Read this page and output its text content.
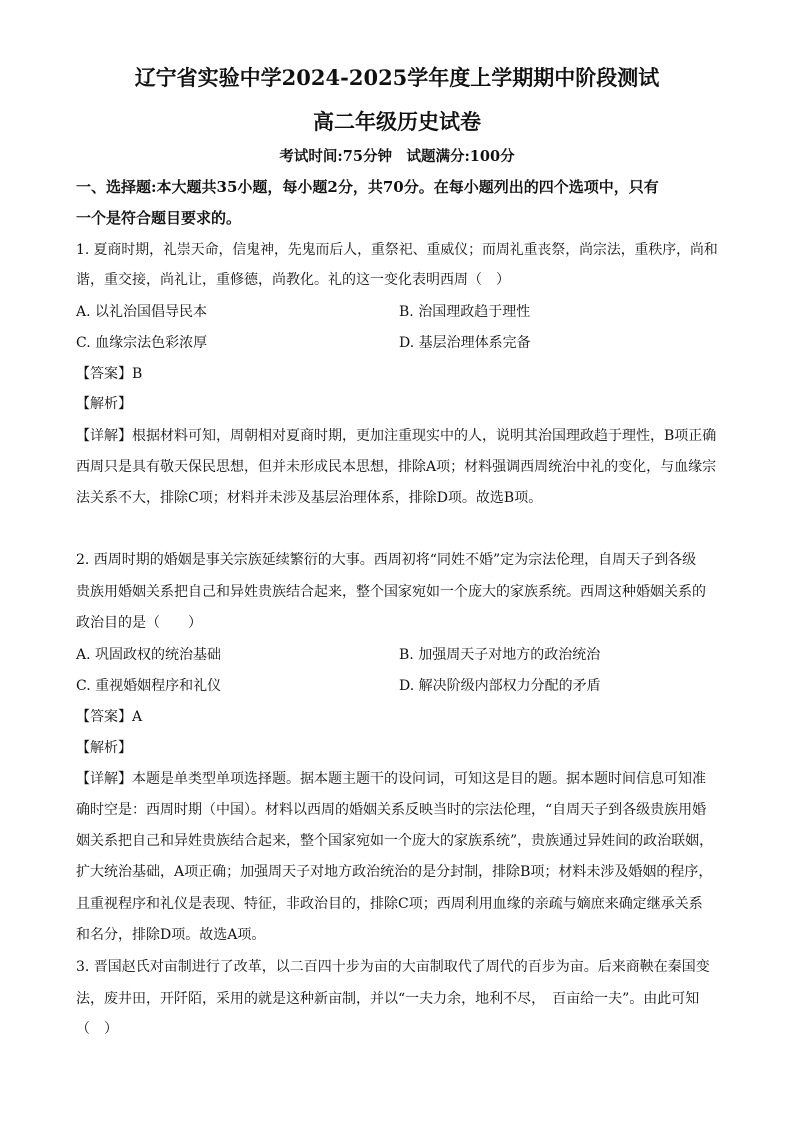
辽宁省实验中学2024-2025学年度上学期期中阶段测试
高二年级历史试卷
考试时间:75分钟　试题满分:100分
一、选择题:本大题共35小题，每小题2分，共70分。在每小题列出的四个选项中，只有
一个是符合题目要求的。
1. 夏商时期，礼崇天命，信鬼神，先鬼而后人，重祭祀、重威仪；而周礼重丧祭，尚宗法，重秩序，尚和
谐，重交接，尚礼让，重修德，尚教化。礼的这一变化表明西周（　）
A. 以礼治国倡导民本	B. 治国理政趋于理性
C. 血缘宗法色彩浓厚	D. 基层治理体系完备
【答案】B
【解析】
【详解】根据材料可知，周朝相对夏商时期，更加注重现实中的人，说明其治国理政趋于理性，B项正确
西周只是具有敬天保民思想，但并未形成民本思想，排除A项；材料强调西周统治中礼的变化，与血缘宗
法关系不大，排除C项；材料并未涉及基层治理体系，排除D项。故选B项。
2. 西周时期的婚姻是事关宗族延续繁衍的大事。西周初将“同姓不婚”定为宗法伦理，自周天子到各级
贵族用婚姻关系把自己和异姓贵族结合起来，整个国家宛如一个庞大的家族系统。西周这种婚姻关系的
政治目的是（　　）
A. 巩固政权的统治基础	B. 加强周天子对地方的政治统治
C. 重视婚姻程序和礼仪	D. 解决阶级内部权力分配的矛盾
【答案】A
【解析】
【详解】本题是单类型单项选择题。据本题主题干的设问词，可知这是目的题。据本题时间信息可知准
确时空是：西周时期（中国）。材料以西周的婚姻关系反映当时的宗法伦理，“自周天子到各级贵族用婚
姻关系把自己和异姓贵族结合起来，整个国家宛如一个庞大的家族系统”，贵族通过异姓间的政治联姻，
扩大统治基础，A项正确；加强周天子对地方政治统治的是分封制，排除B项；材料未涉及婚姻的程序，
且重视程序和礼仪是表现、特征，非政治目的，排除C项；西周利用血缘的亲疏与嫡庶来确定继承关系
和名分，排除D项。故选A项。
3. 晋国赵氏对亩制进行了改革，以二百四十步为亩的大亩制取代了周代的百步为亩。后来商鞅在秦国变
法，废井田，开阡陌，采用的就是这种新亩制，并以“一夫力余，地利不尽，　百亩给一夫”。由此可知
（　）
